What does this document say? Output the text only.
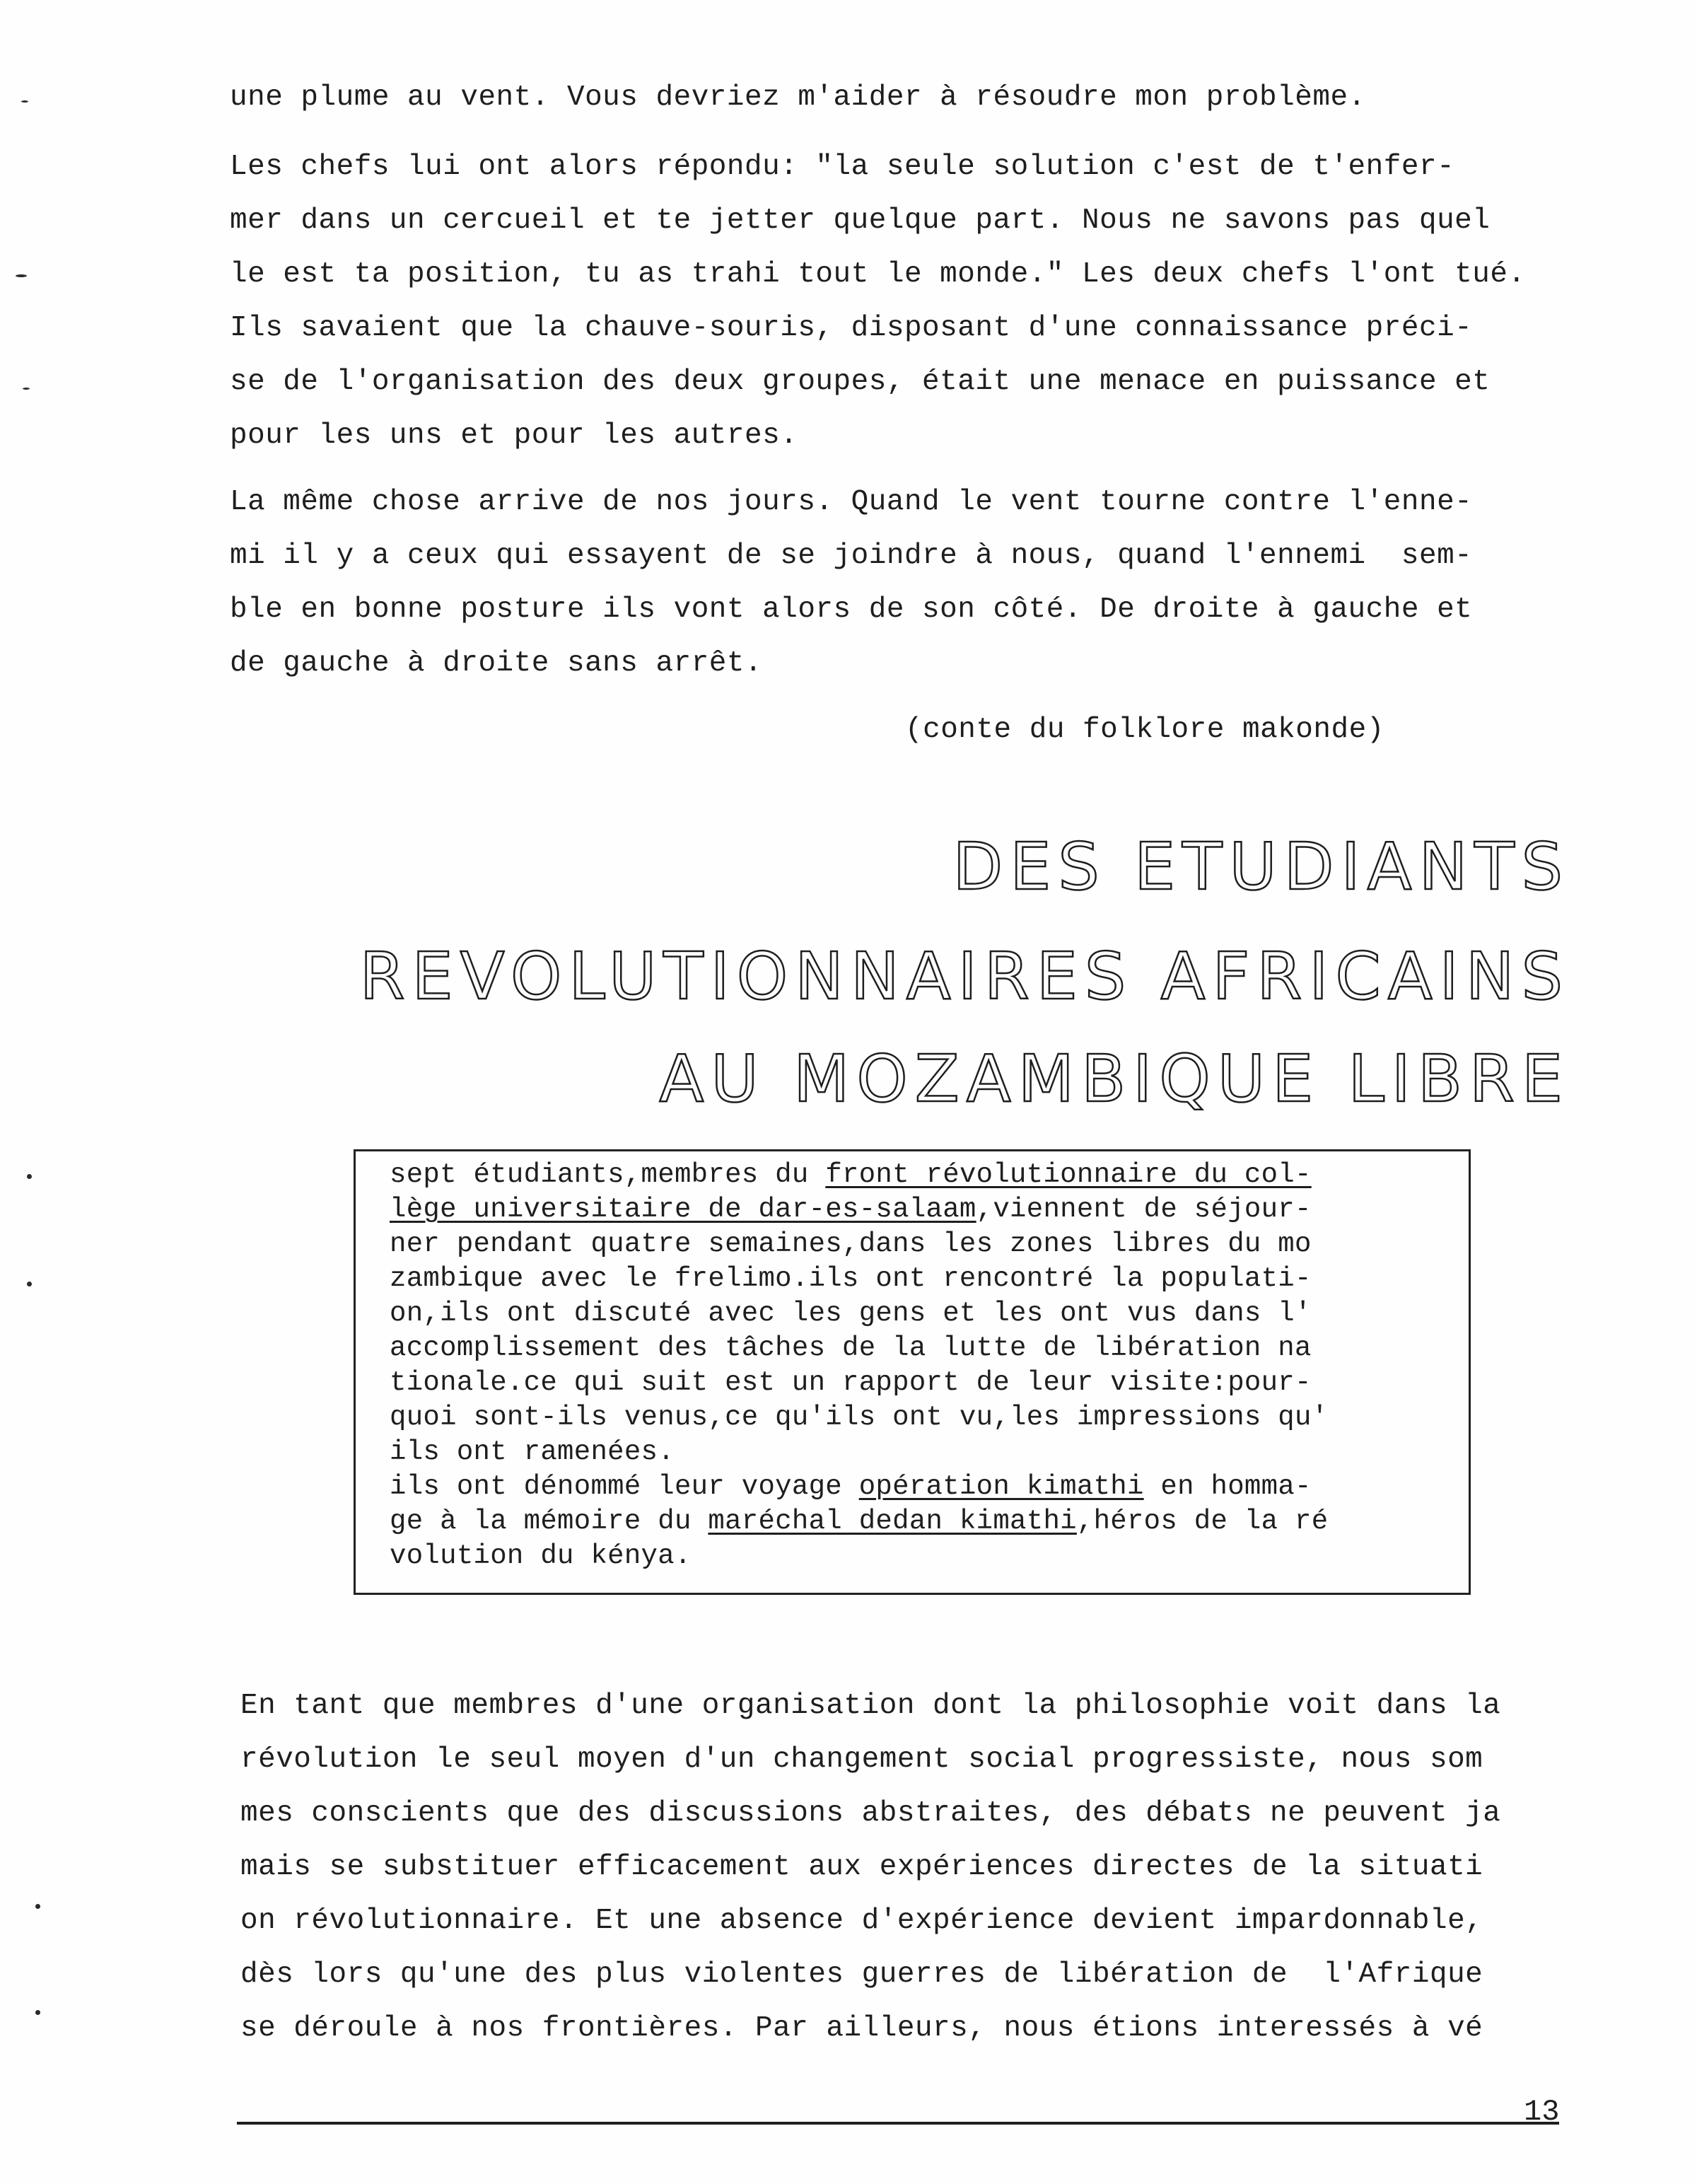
une plume au vent. Vous devriez m'aider à résoudre mon problème.
Les chefs lui ont alors répondu: "la seule solution c'est de t'enfer-
mer dans un cercueil et te jetter quelque part. Nous ne savons pas quel
le est ta position, tu as trahi tout le monde." Les deux chefs l'ont tué.
Ils savaient que la chauve-souris, disposant d'une connaissance préci-
se de l'organisation des deux groupes, était une menace en puissance et
pour les uns et pour les autres.
La même chose arrive de nos jours. Quand le vent tourne contre l'enne-
mi il y a ceux qui essayent de se joindre à nous, quand l'ennemi  sem-
ble en bonne posture ils vont alors de son côté. De droite à gauche et
de gauche à droite sans arrêt.
(conte du folklore makonde)
DES ETUDIANTS
REVOLUTIONNAIRES AFRICAINS
AU MOZAMBIQUE LIBRE
sept étudiants,membres du front révolutionnaire du col-
lège universitaire de dar-es-salaam,viennent de séjour-
ner pendant quatre semaines,dans les zones libres du mo
zambique avec le frelimo.ils ont rencontré la populati-
on,ils ont discuté avec les gens et les ont vus dans l'
accomplissement des tâches de la lutte de libération na
tionale.ce qui suit est un rapport de leur visite:pour-
quoi sont-ils venus,ce qu'ils ont vu,les impressions qu'
ils ont ramenées.
ils ont dénommé leur voyage opération kimathi en hommа-
ge à la mémoire du maréchal dedan kimathi,héros de la ré
volution du kénya.
En tant que membres d'une organisation dont la philosophie voit dans la
révolution le seul moyen d'un changement social progressiste, nous som
mes conscients que des discussions abstraites, des débats ne peuvent ja
mais se substituer efficacement aux expériences directes de la situati
on révolutionnaire. Et une absence d'expérience devient impardonnable,
dès lors qu'une des plus violentes guerres de libération de  l'Afrique
se déroule à nos frontières. Par ailleurs, nous étions interessés à vé
13
